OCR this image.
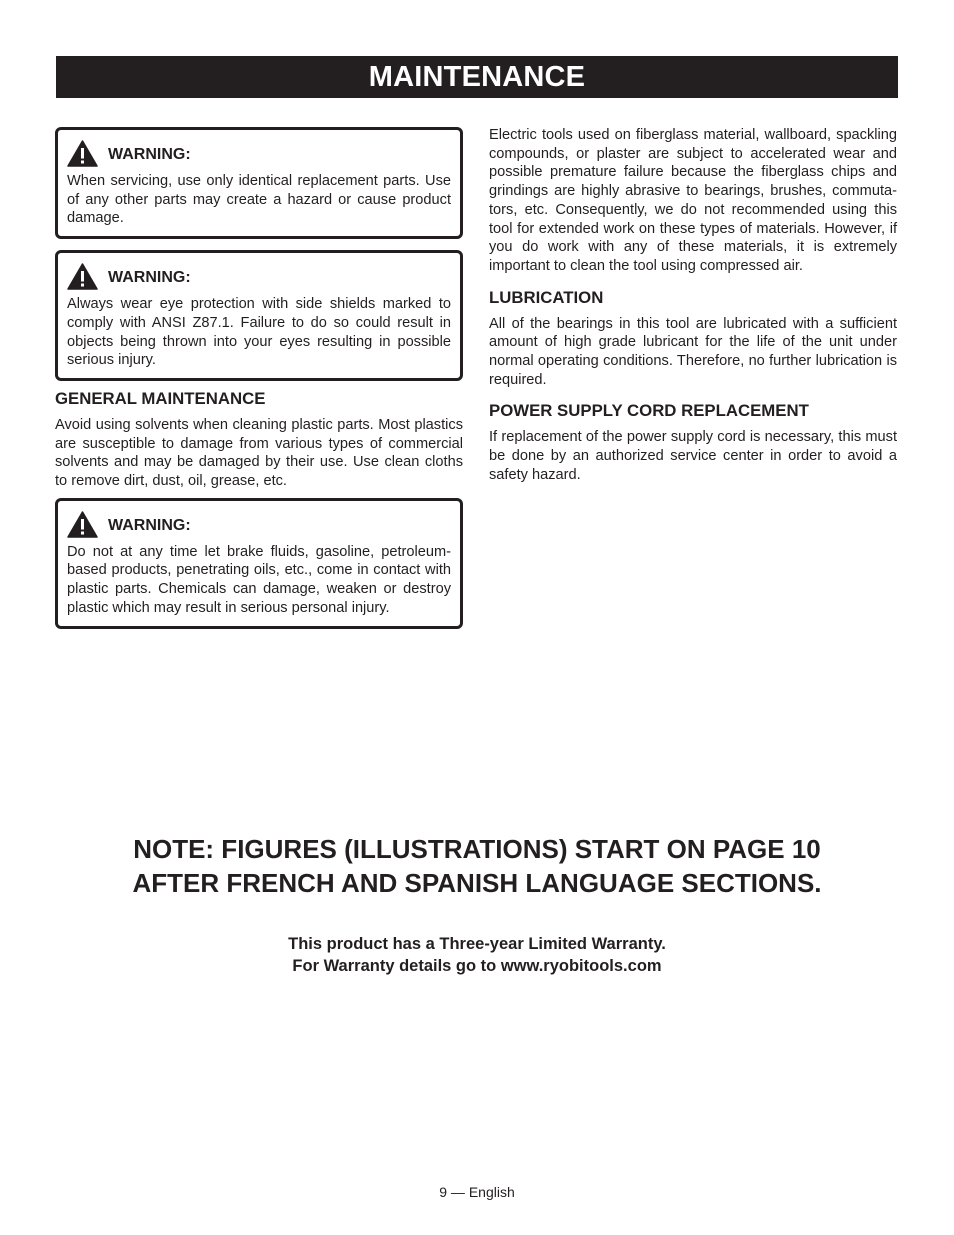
MAINTENANCE
WARNING:

When servicing, use only identical replacement parts. Use of any other parts may create a hazard or cause product damage.

WARNING:

Always wear eye protection with side shields marked to comply with ANSI Z87.1. Failure to do so could result in objects being thrown into your eyes resulting in possible serious injury.

GENERAL MAINTENANCE

Avoid using solvents when cleaning plastic parts. Most plastics are susceptible to damage from various types of commercial solvents and may be damaged by their use. Use clean cloths to remove dirt, dust, oil, grease, etc.

WARNING:

Do not at any time let brake fluids, gasoline, petroleum-based products, penetrating oils, etc., come in contact with plastic parts. Chemicals can damage, weaken or destroy plastic which may result in serious personal injury.

Electric tools used on fiberglass material, wallboard, spackling compounds, or plaster are subject to accelerated wear and possible premature failure because the fiberglass chips and grindings are highly abrasive to bearings, brushes, commutators, etc. Consequently, we do not recommended using this tool for extended work on these types of materials. However, if you do work with any of these materials, it is extremely important to clean the tool using compressed air.

LUBRICATION

All of the bearings in this tool are lubricated with a sufficient amount of high grade lubricant for the life of the unit under normal operating conditions. Therefore, no further lubrication is required.

POWER SUPPLY CORD REPLACEMENT

If replacement of the power supply cord is necessary, this must be done by an authorized service center in order to avoid a safety hazard.

NOTE: FIGURES (ILLUSTRATIONS) START ON PAGE 10
AFTER FRENCH AND SPANISH LANGUAGE SECTIONS.
This product has a Three-year Limited Warranty.
For Warranty details go to www.ryobitools.com
9 — English
